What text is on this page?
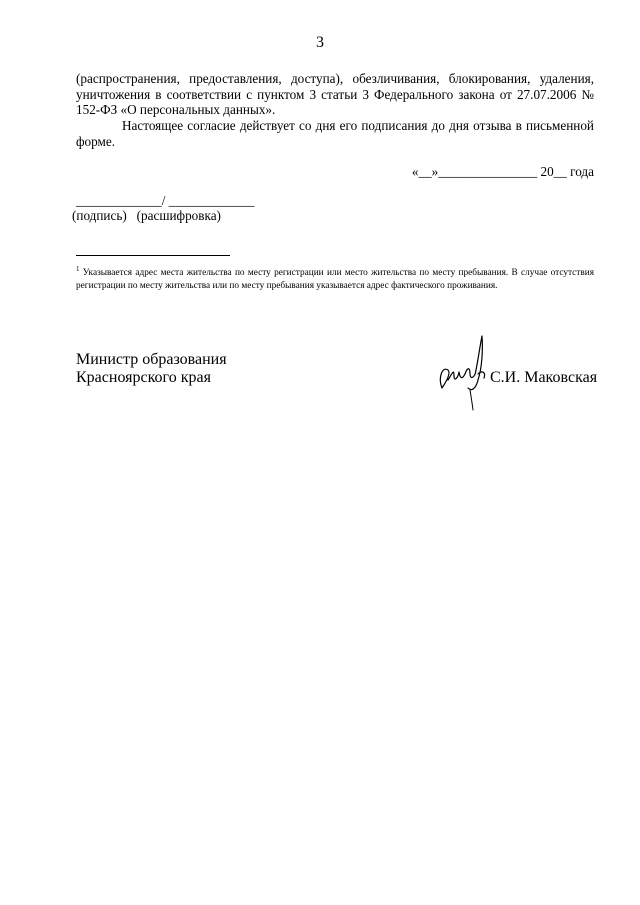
3
(распространения, предоставления, доступа), обезличивания, блокирования, удаления, уничтожения в соответствии с пунктом 3 статьи 3 Федерального закона от 27.07.2006 № 152-ФЗ «О персональных данных».
Настоящее согласие действует со дня его подписания до дня отзыва в письменной форме.
«__»_______________ 20__ года
_____________/ _____________
(подпись)   (расшифровка)
$^1$ Указывается адрес места жительства по месту регистрации или место жительства по месту пребывания. В случае отсутствия регистрации по месту жительства или по месту пребывания указывается адрес фактического проживания.
Министр образования
Красноярского края	С.И. Маковская
